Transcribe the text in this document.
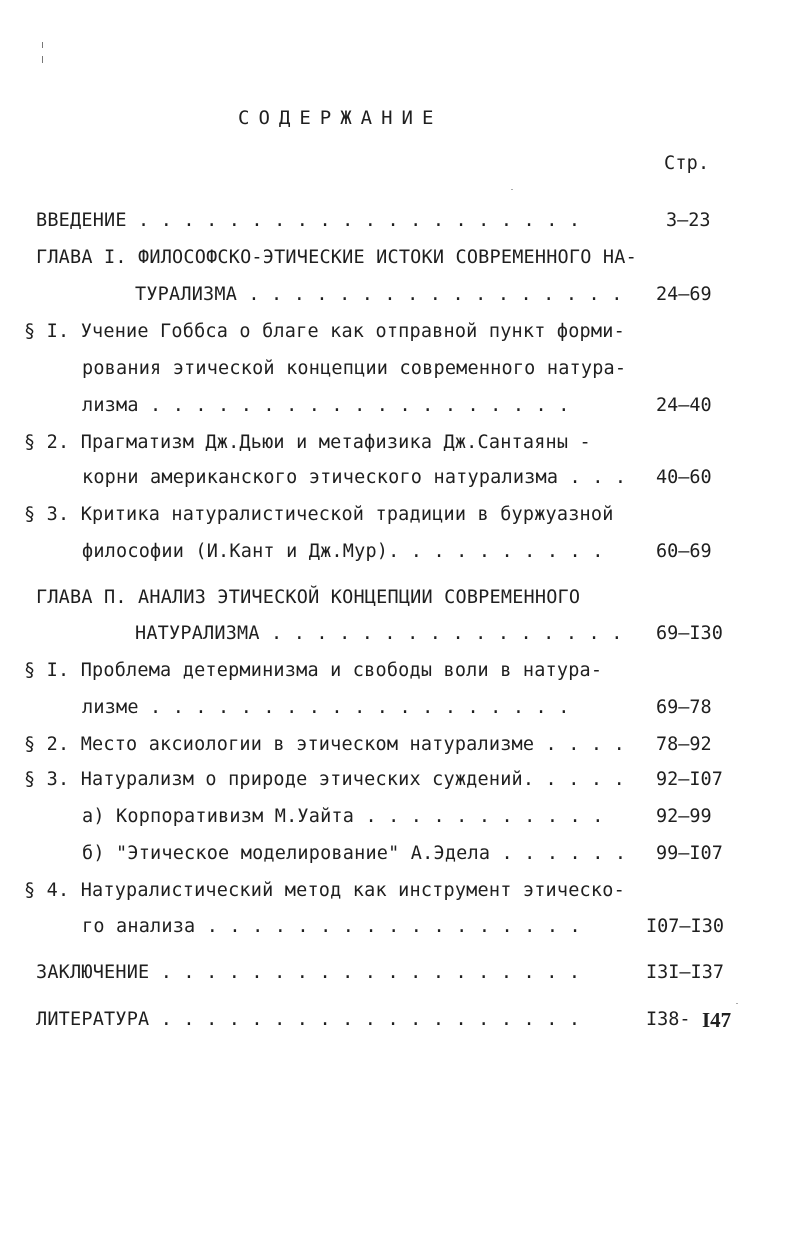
СОДЕРЖАНИЕ
Стр.
ВВЕДЕНИЕ . . . . . . . . . . . . . . . . . . . .	3–23
ГЛАВА I. ФИЛОСОФСКО-ЭТИЧЕСКИЕ ИСТОКИ СОВРЕМЕННОГО НА-
ТУРАЛИЗМА . . . . . . . . . . . . . . . . . 24–69
§ I. Учение Гоббса о благе как отправной пункт форми-
рования этической концепции современного натура-
лизма . . . . . . . . . . . . . . . . . . .	24–40
§ 2. Прагматизм Дж.Дьюи и метафизика Дж.Сантаяны -
корни американского этического натурализма . . . 40–60
§ 3. Критика натуралистической традиции в буржуазной
философии (И.Кант и Дж.Мур). . . . . . . . . .	60–69
ГЛАВА П. АНАЛИЗ ЭТИЧЕСКОЙ КОНЦЕПЦИИ СОВРЕМЕННОГО
НАТУРАЛИЗМА . . . . . . . . . . . . . . . . 69–I30
§ I. Проблема детерминизма и свободы воли в натура-
лизме . . . . . . . . . . . . . . . . . . .	69–78
§ 2. Место аксиологии в этическом натурализме . . . . 78–92
§ 3. Натурализм о природе этических суждений. . . . . 92–I07
а) Корпоративизм М.Уайта . . . . . . . . . . .	92–99
б) "Этическое моделирование" А.Эдела . . . . . . 99–I07
§ 4. Натуралистический метод как инструмент этическо-
го анализа . . . . . . . . . . . . . . . . .	I07–I30
ЗАКЛЮЧЕНИЕ . . . . . . . . . . . . . . . . . . .	I3I–I37
ЛИТЕРАТУРА . . . . . . . . . . . . . . . . . . .	I38- I47
